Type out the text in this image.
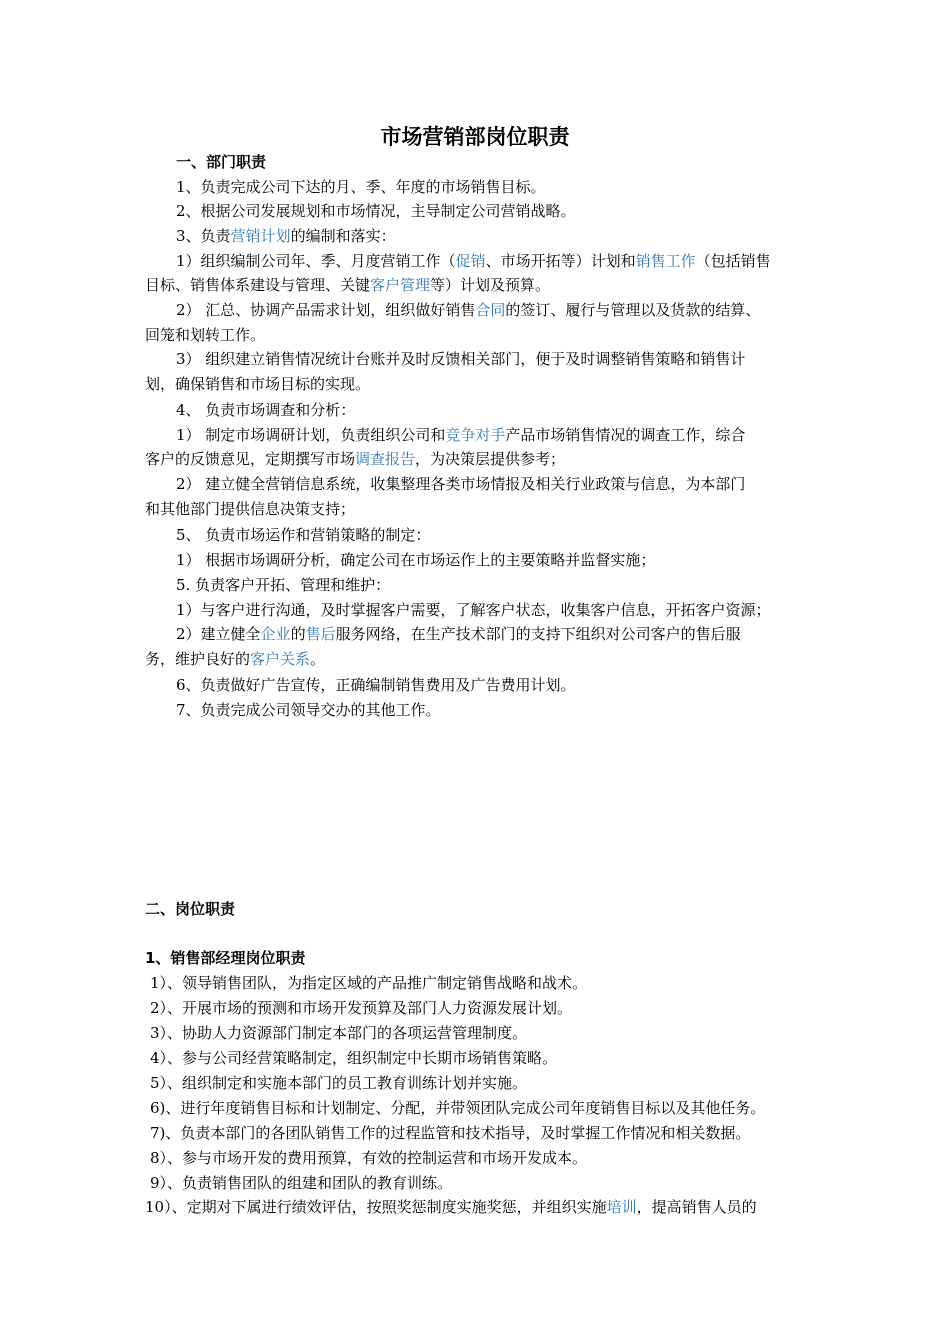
市场营销部岗位职责
一、部门职责
1、负责完成公司下达的月、季、年度的市场销售目标。
2、根据公司发展规划和市场情况，主导制定公司营销战略。
3、负责营销计划的编制和落实：
1）组织编制公司年、季、月度营销工作（促销、市场开拓等）计划和销售工作（包括销售
目标、销售体系建设与管理、关键客户管理等）计划及预算。
2） 汇总、协调产品需求计划，组织做好销售合同的签订、履行与管理以及货款的结算、
回笼和划转工作。
3） 组织建立销售情况统计台账并及时反馈相关部门，便于及时调整销售策略和销售计
划，确保销售和市场目标的实现。
4、 负责市场调查和分析：
1） 制定市场调研计划，负责组织公司和竞争对手产品市场销售情况的调查工作，综合
客户的反馈意见，定期撰写市场调查报告，为决策层提供参考；
2） 建立健全营销信息系统，收集整理各类市场情报及相关行业政策与信息，为本部门
和其他部门提供信息决策支持；
5、 负责市场运作和营销策略的制定：
1） 根据市场调研分析，确定公司在市场运作上的主要策略并监督实施；
5. 负责客户开拓、管理和维护：
1）与客户进行沟通，及时掌握客户需要，了解客户状态，收集客户信息，开拓客户资源；
2）建立健全企业的售后服务网络，在生产技术部门的支持下组织对公司客户的售后服
务，维护良好的客户关系。
6、负责做好广告宣传，正确编制销售费用及广告费用计划。
7、负责完成公司领导交办的其他工作。
二、岗位职责
1、销售部经理岗位职责
1）、领导销售团队，为指定区域的产品推广制定销售战略和战术。
2）、开展市场的预测和市场开发预算及部门人力资源发展计划。
3）、协助人力资源部门制定本部门的各项运营管理制度。
4）、参与公司经营策略制定，组织制定中长期市场销售策略。
5）、组织制定和实施本部门的员工教育训练计划并实施。
6)、进行年度销售目标和计划制定、分配，并带领团队完成公司年度销售目标以及其他任务。
7)、负责本部门的各团队销售工作的过程监管和技术指导，及时掌握工作情况和相关数据。
8）、参与市场开发的费用预算，有效的控制运营和市场开发成本。
9）、负责销售团队的组建和团队的教育训练。
10）、定期对下属进行绩效评估，按照奖惩制度实施奖惩，并组织实施培训，提高销售人员的
